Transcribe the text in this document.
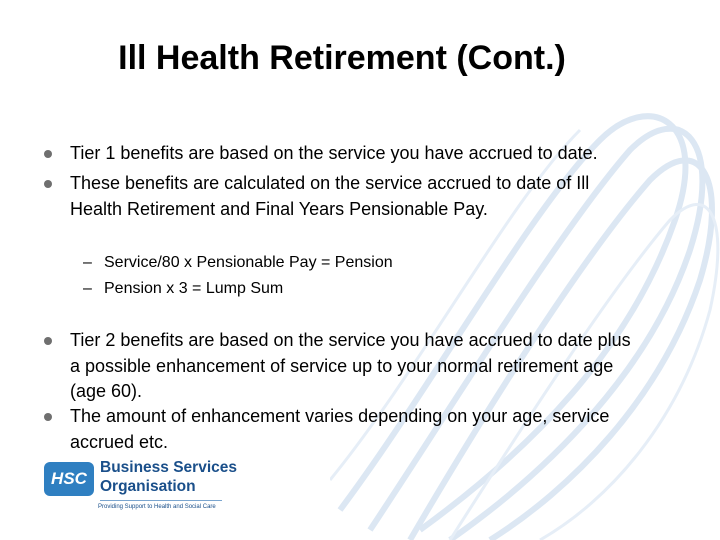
Ill Health Retirement (Cont.)
Tier 1 benefits are based on the service you have accrued to date.
These benefits are calculated on the service accrued to date of Ill
Health Retirement and Final Years Pensionable Pay.
– Service/80 x Pensionable Pay = Pension
– Pension x 3 = Lump Sum
Tier 2 benefits are based on the service you have accrued to date plus
a possible enhancement of service up to your normal retirement age
(age 60).
The amount of enhancement varies depending on your age, service
accrued etc.
HSC
Business Services
Organisation
Providing Support to Health and Social Care
